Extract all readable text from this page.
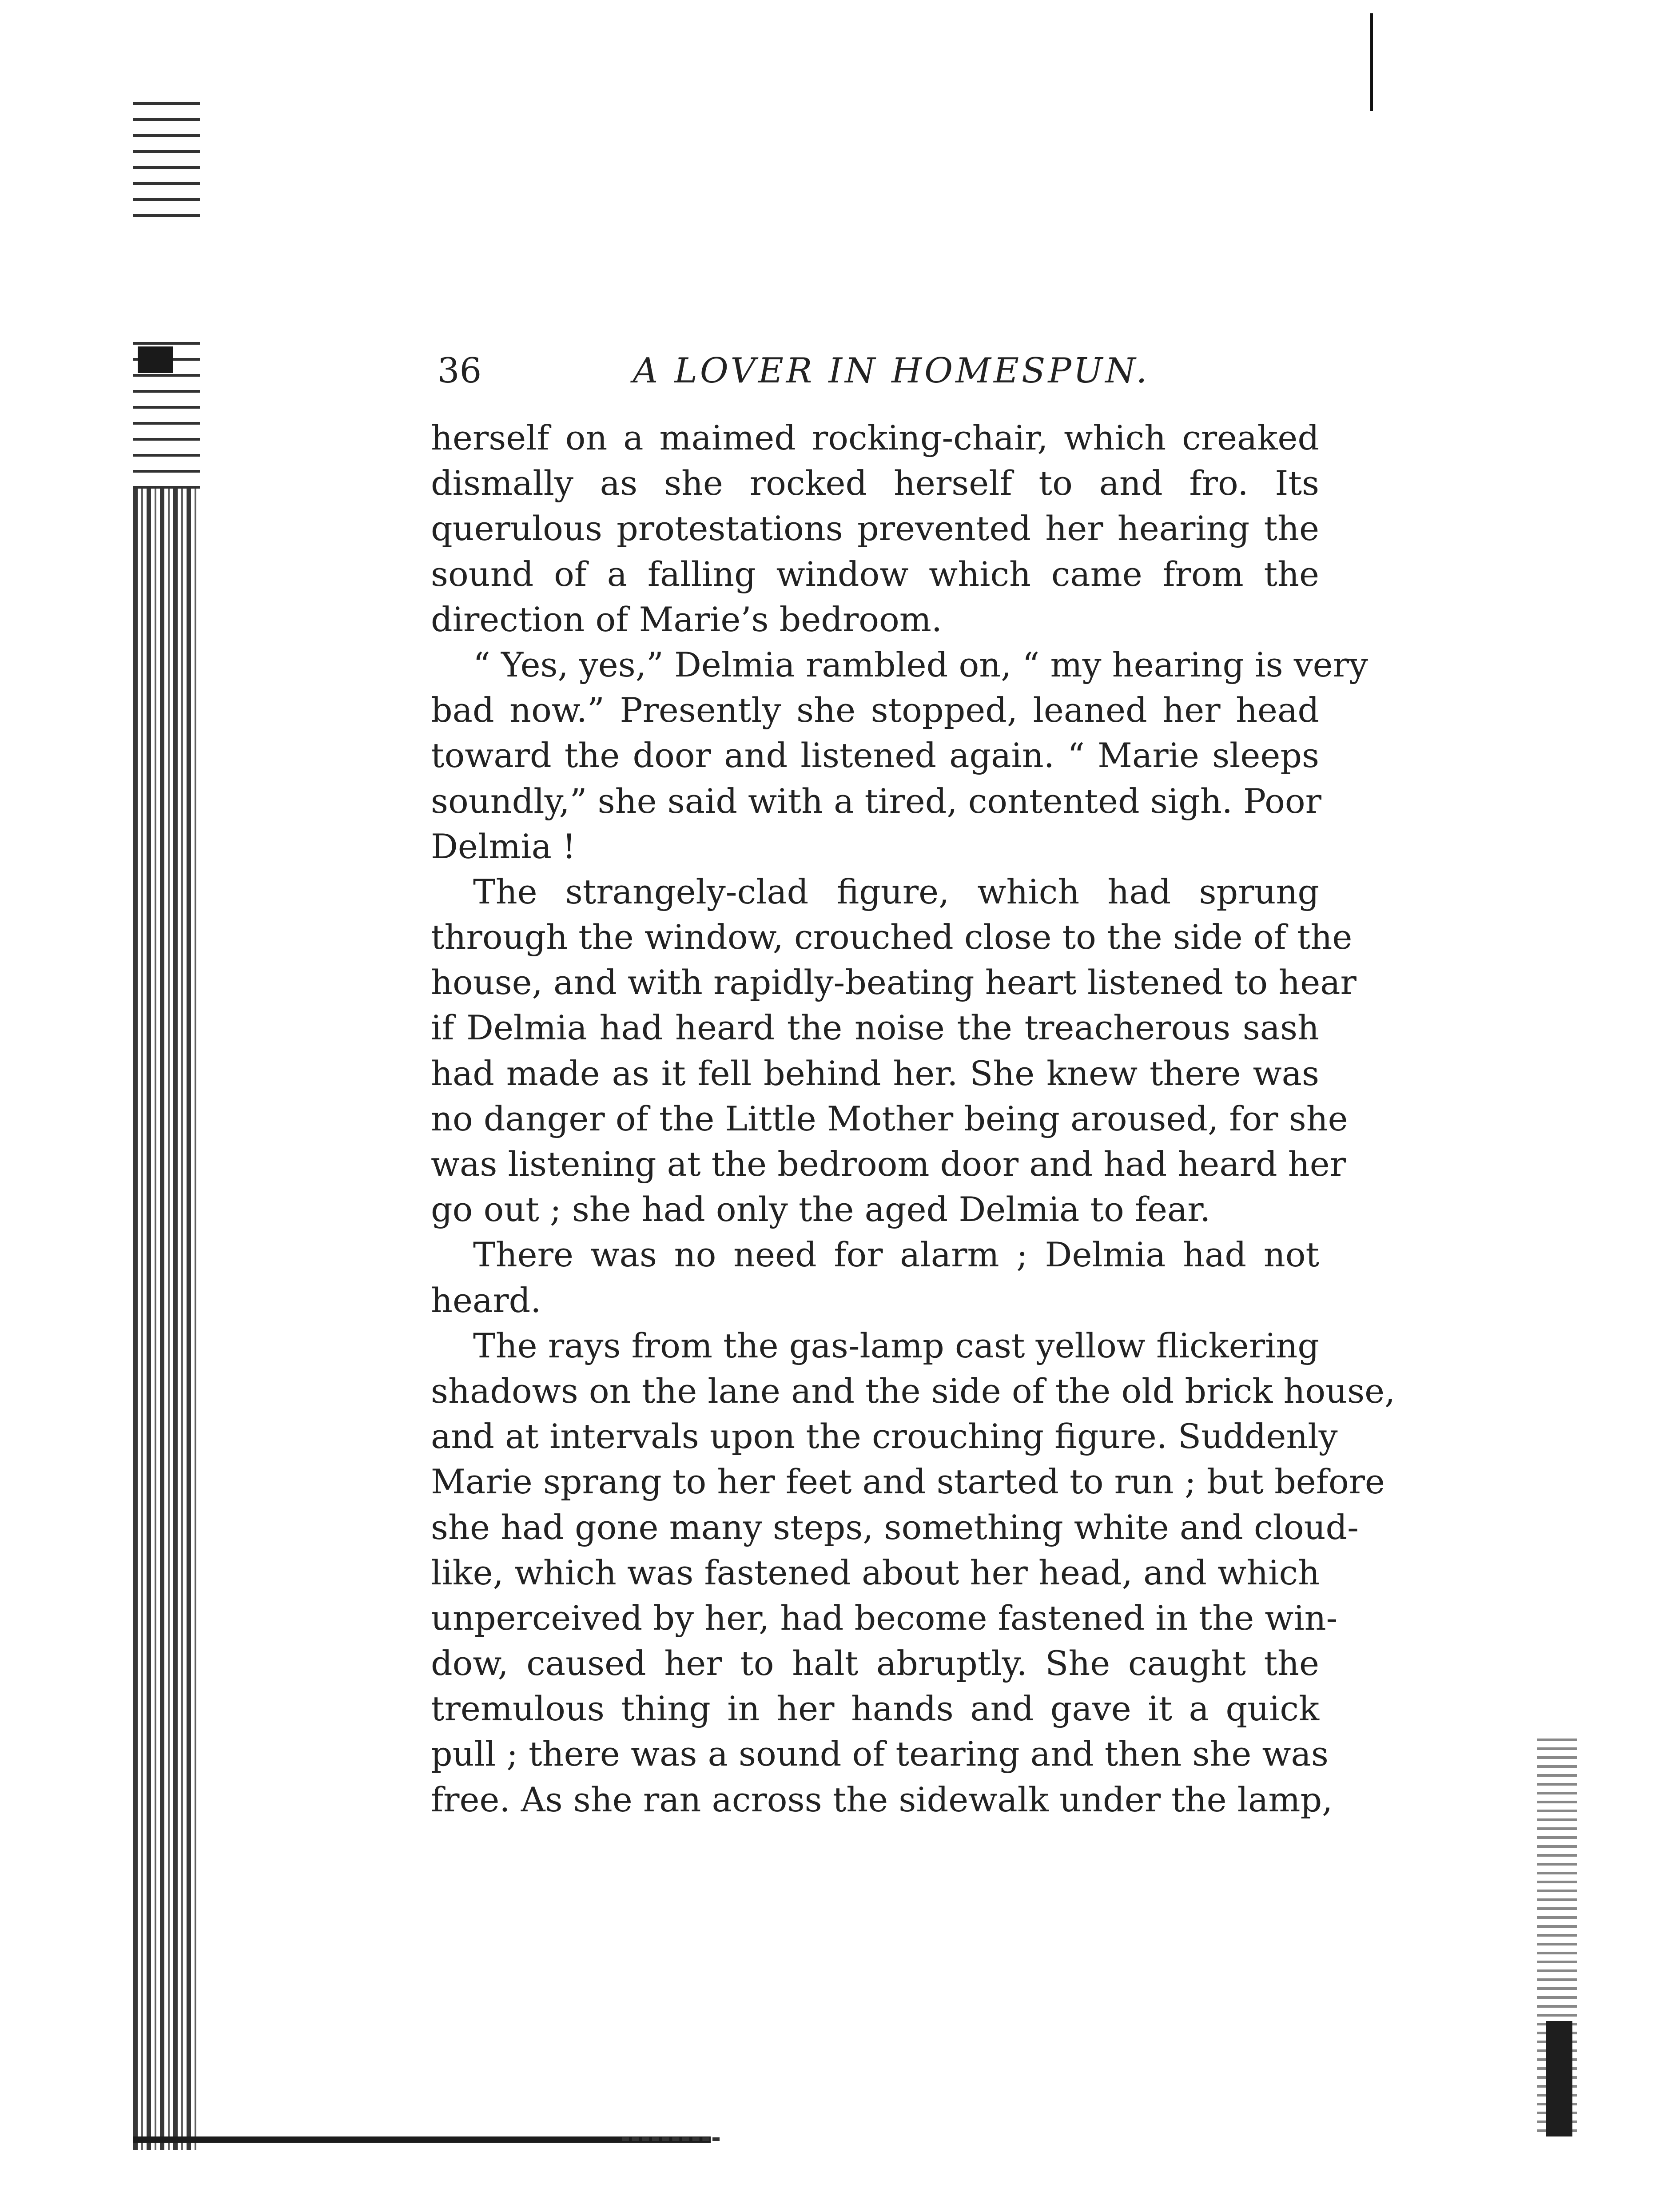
36	A LOVER IN HOMESPUN.
herself on a maimed rocking-chair, which creaked
dismally as she rocked herself to and fro. Its
querulous protestations prevented her hearing the
sound of a falling window which came from the
direction of Marie’s bedroom.
“ Yes, yes,” Delmia rambled on, “ my hearing is very
bad now.” Presently she stopped, leaned her head
toward the door and listened again. “ Marie sleeps
soundly,” she said with a tired, contented sigh. Poor
Delmia !
The strangely-clad figure, which had sprung
through the window, crouched close to the side of the
house, and with rapidly-beating heart listened to hear
if Delmia had heard the noise the treacherous sash
had made as it fell behind her. She knew there was
no danger of the Little Mother being aroused, for she
was listening at the bedroom door and had heard her
go out ; she had only the aged Delmia to fear.
There was no need for alarm ; Delmia had not
heard.
The rays from the gas-lamp cast yellow flickering
shadows on the lane and the side of the old brick house,
and at intervals upon the crouching figure. Suddenly
Marie sprang to her feet and started to run ; but before
she had gone many steps, something white and cloud-
like, which was fastened about her head, and which
unperceived by her, had become fastened in the win-
dow, caused her to halt abruptly. She caught the
tremulous thing in her hands and gave it a quick
pull ; there was a sound of tearing and then she was
free. As she ran across the sidewalk under the lamp,
